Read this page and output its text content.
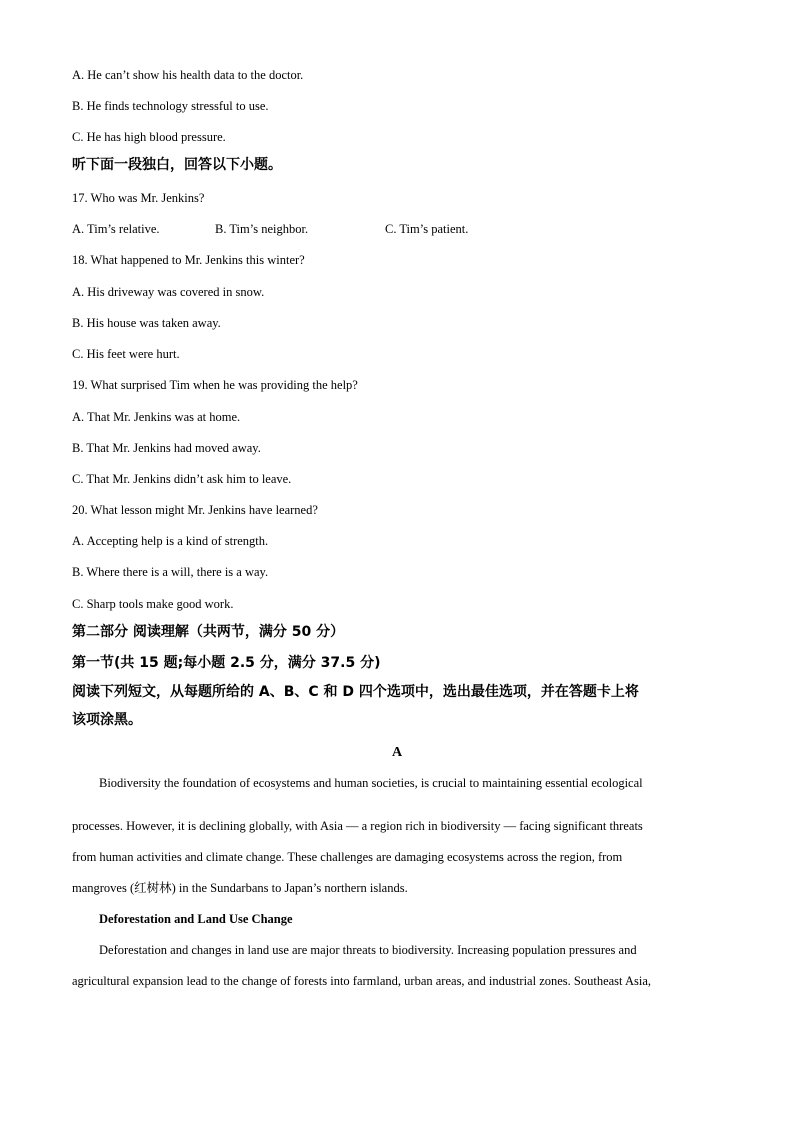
A. He can’t show his health data to the doctor.
B. He finds technology stressful to use.
C. He has high blood pressure.
听下面一段独白，回答以下小题。
17. Who was Mr. Jenkins?
A. Tim’s relative.	B. Tim’s neighbor.	C. Tim’s patient.
18. What happened to Mr. Jenkins this winter?
A. His driveway was covered in snow.
B. His house was taken away.
C. His feet were hurt.
19. What surprised Tim when he was providing the help?
A. That Mr. Jenkins was at home.
B. That Mr. Jenkins had moved away.
C. That Mr. Jenkins didn’t ask him to leave.
20. What lesson might Mr. Jenkins have learned?
A. Accepting help is a kind of strength.
B. Where there is a will, there is a way.
C. Sharp tools make good work.
第二部分 阅读理解（共两节，满分 50 分）
第一节(共 15 题;每小题 2.5 分，满分 37.5 分)
阅读下列短文，从每题所给的 A、B、C 和 D 四个选项中，选出最佳选项，并在答题卡上将
该项涂黑。
A
Biodiversity the foundation of ecosystems and human societies, is crucial to maintaining essential ecological
processes. However, it is declining globally, with Asia — a region rich in biodiversity — facing significant threats
from human activities and climate change. These challenges are damaging ecosystems across the region, from
mangroves (红树林) in the Sundarbans to Japan’s northern islands.
Deforestation and Land Use Change
Deforestation and changes in land use are major threats to biodiversity. Increasing population pressures and
agricultural expansion lead to the change of forests into farmland, urban areas, and industrial zones. Southeast Asia,
